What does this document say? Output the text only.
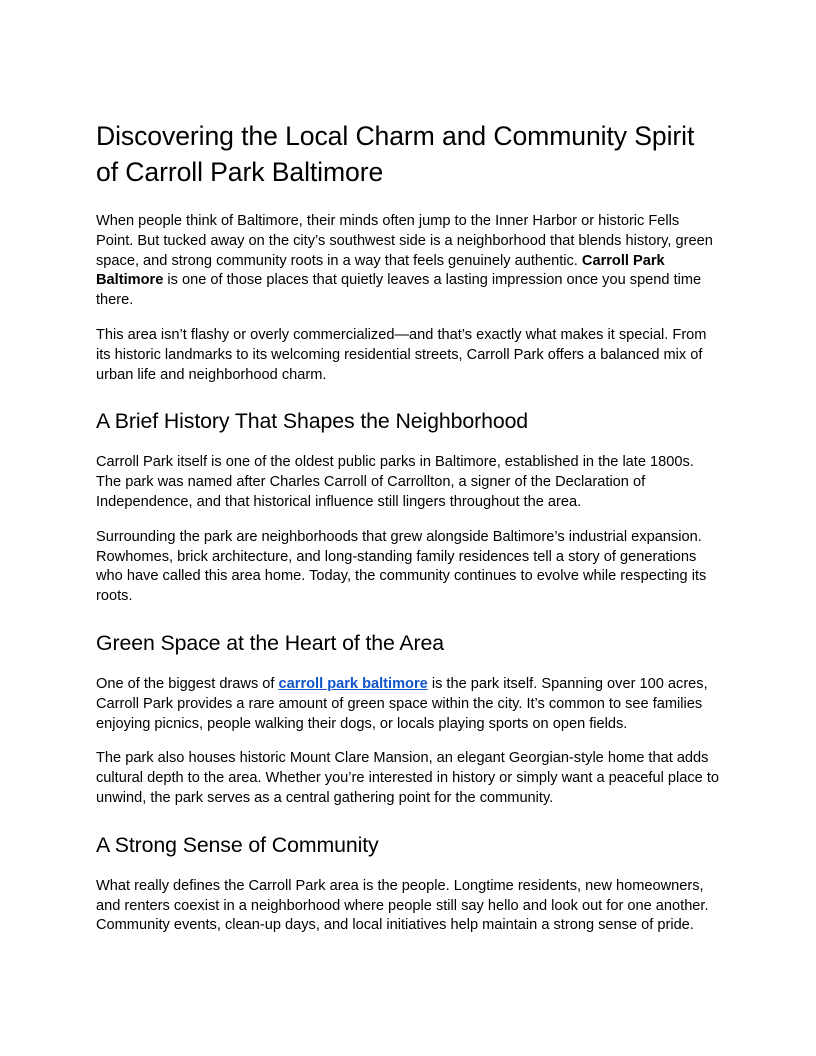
Discovering the Local Charm and Community Spirit of Carroll Park Baltimore

When people think of Baltimore, their minds often jump to the Inner Harbor or historic Fells Point. But tucked away on the city’s southwest side is a neighborhood that blends history, green space, and strong community roots in a way that feels genuinely authentic. Carroll Park Baltimore is one of those places that quietly leaves a lasting impression once you spend time there.

This area isn’t flashy or overly commercialized—and that’s exactly what makes it special. From its historic landmarks to its welcoming residential streets, Carroll Park offers a balanced mix of urban life and neighborhood charm.

A Brief History That Shapes the Neighborhood

Carroll Park itself is one of the oldest public parks in Baltimore, established in the late 1800s. The park was named after Charles Carroll of Carrollton, a signer of the Declaration of Independence, and that historical influence still lingers throughout the area.

Surrounding the park are neighborhoods that grew alongside Baltimore’s industrial expansion. Rowhomes, brick architecture, and long-standing family residences tell a story of generations who have called this area home. Today, the community continues to evolve while respecting its roots.

Green Space at the Heart of the Area

One of the biggest draws of carroll park baltimore is the park itself. Spanning over 100 acres, Carroll Park provides a rare amount of green space within the city. It’s common to see families enjoying picnics, people walking their dogs, or locals playing sports on open fields.

The park also houses historic Mount Clare Mansion, an elegant Georgian-style home that adds cultural depth to the area. Whether you’re interested in history or simply want a peaceful place to unwind, the park serves as a central gathering point for the community.

A Strong Sense of Community

What really defines the Carroll Park area is the people. Longtime residents, new homeowners, and renters coexist in a neighborhood where people still say hello and look out for one another. Community events, clean-up days, and local initiatives help maintain a strong sense of pride.
